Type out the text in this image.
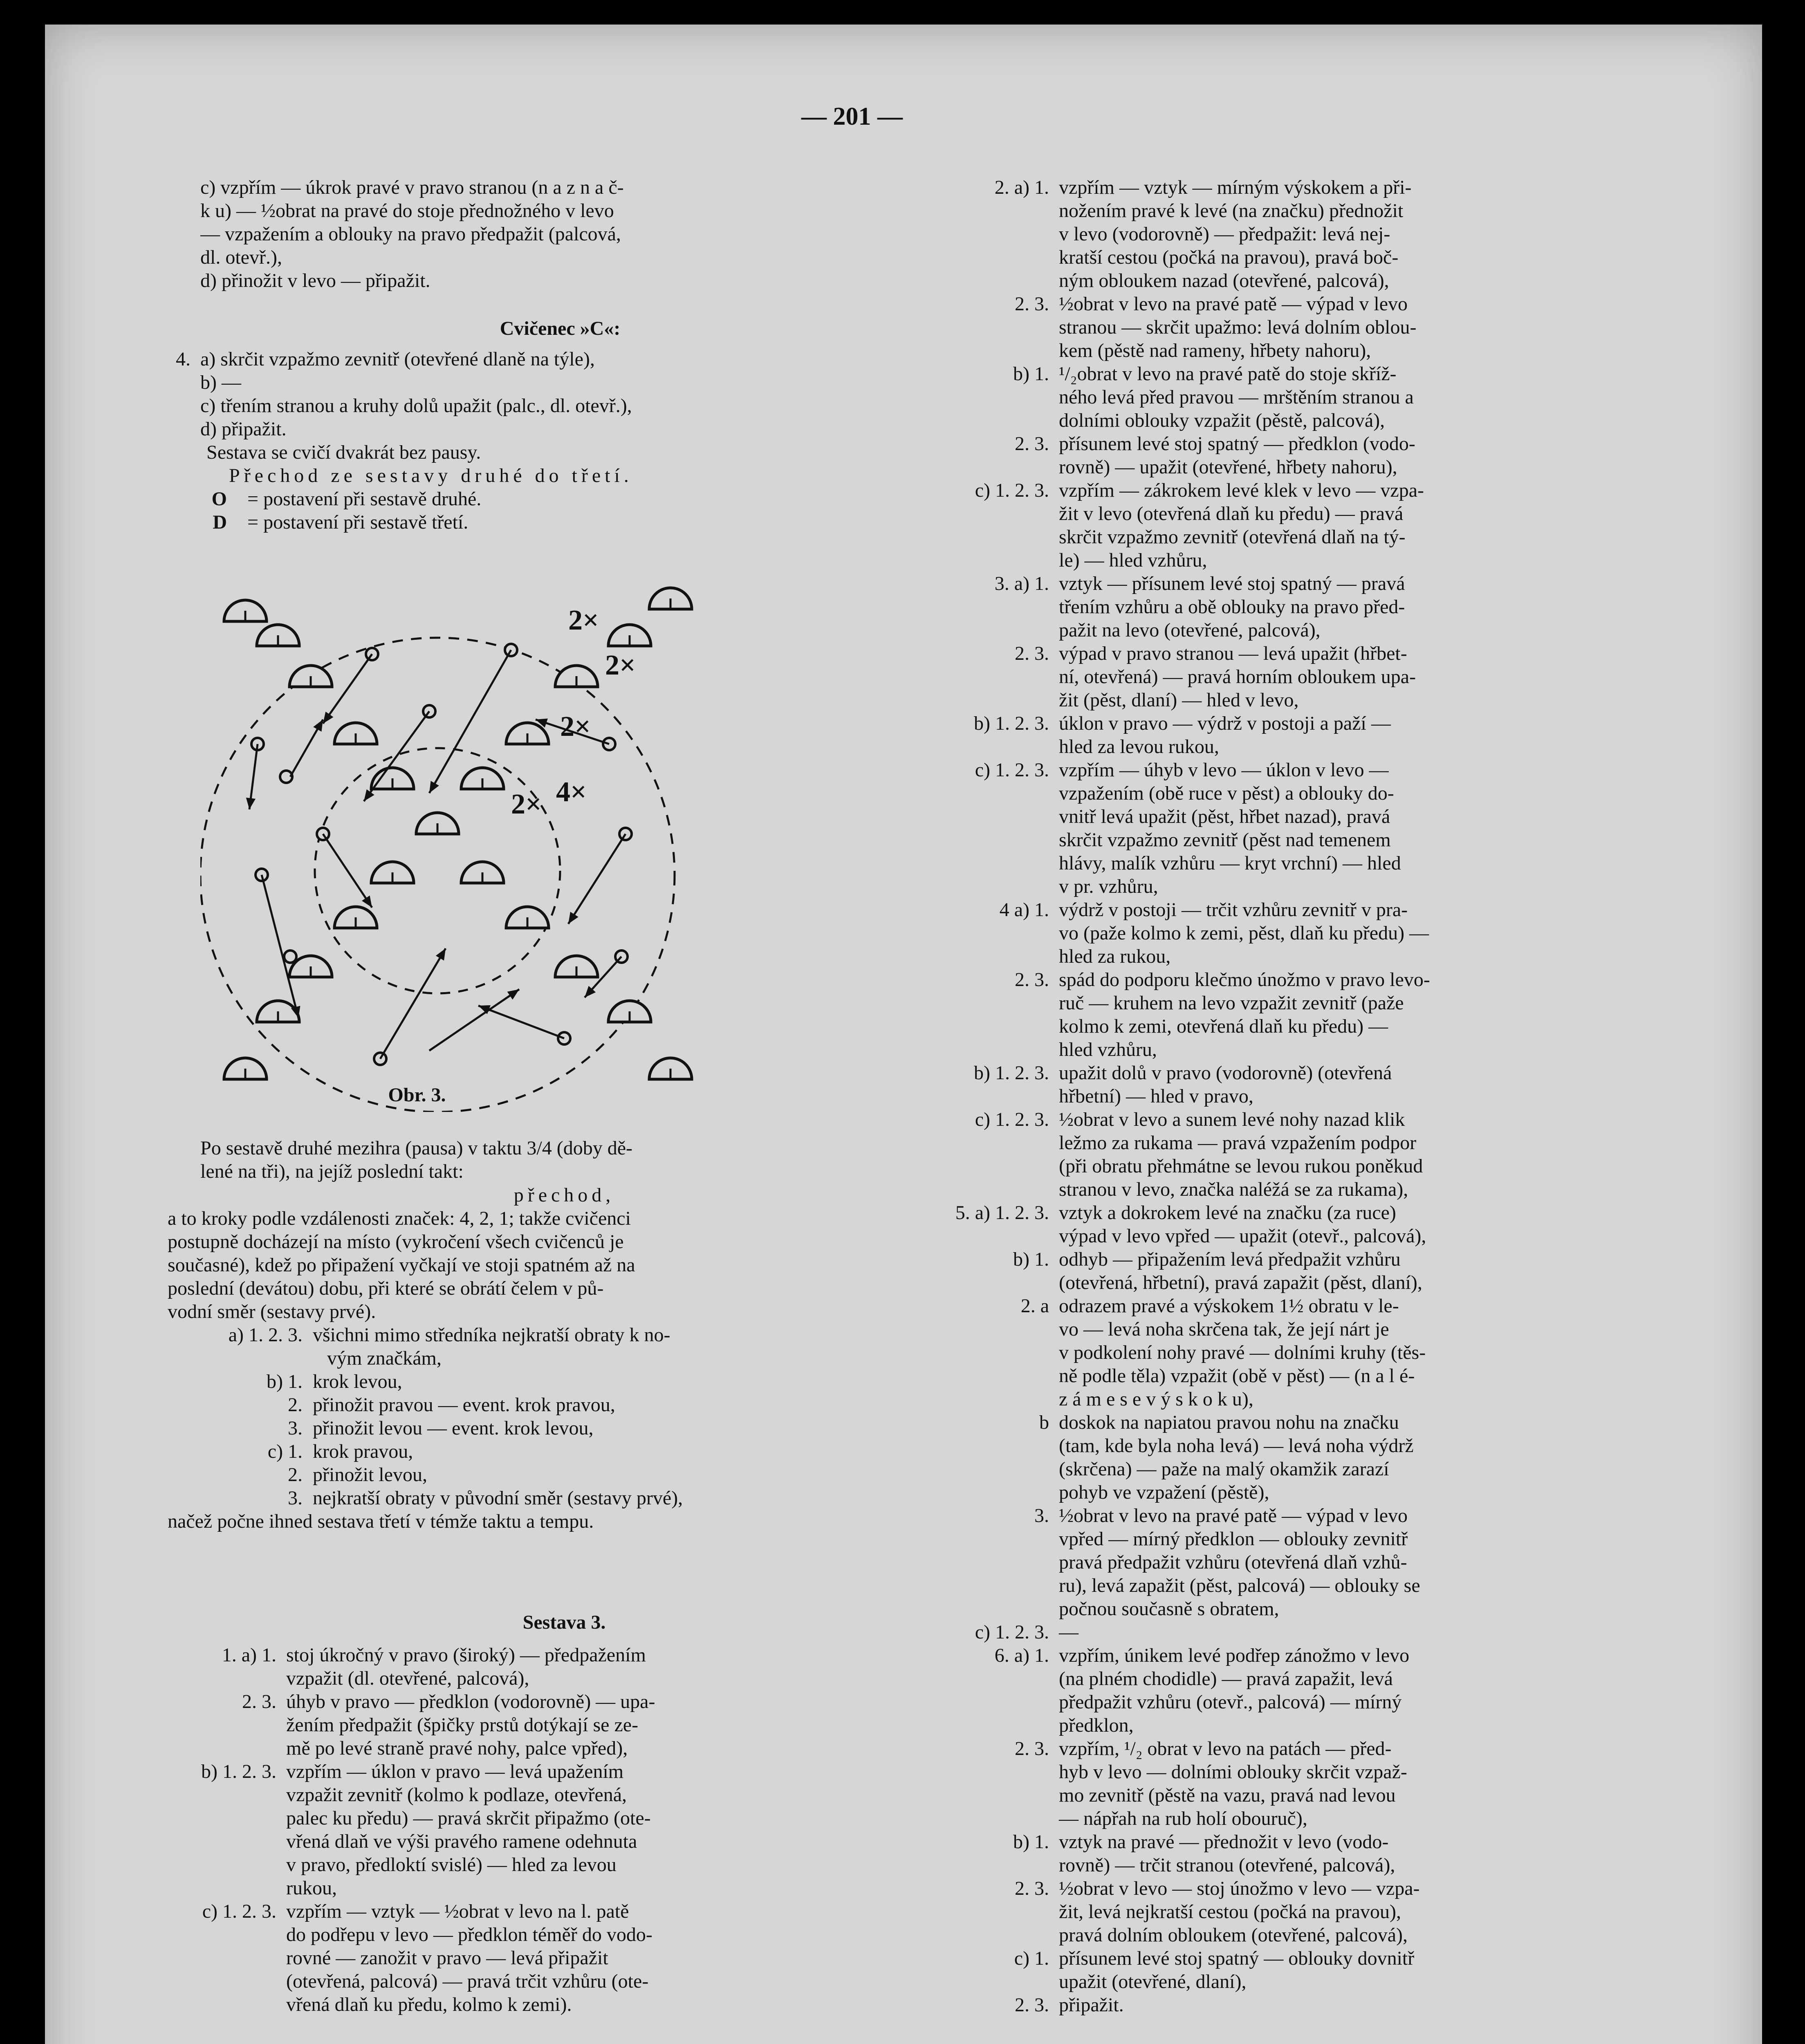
— 201 —
c) vzpřím — úkrok pravé v pravo stranou (n a z n a č-
k u) — ½obrat na pravé do stoje přednožného v levo
— vzpažením a oblouky na pravo předpažit (palcová,
dl. otevř.),
d) přinožit v levo — připažit.
Cvičenec »C«:
4. a) skrčit vzpažmo zevnitř (otevřené dlaně na týle),
b) —
c) třením stranou a kruhy dolů upažit (palc., dl. otevř.),
d) připažit.
Sestava se cvičí dvakrát bez pausy.
Přechod ze sestavy druhé do třetí.
O = postavení při sestavě druhé.
D = postavení při sestavě třetí.
2×
2×
2×
2× 4×
Obr. 3.
Po sestavě druhé mezihra (pausa) v taktu 3/4 (doby dě-
lené na tři), na jejíž poslední takt:
přechod,
a to kroky podle vzdálenosti značek: 4, 2, 1; takže cvičenci
postupně docházejí na místo (vykročení všech cvičenců je
současné), kdež po připažení vyčkají ve stoji spatném až na
poslední (devátou) dobu, při které se obrátí čelem v pů-
vodní směr (sestavy prvé).
a) 1. 2. 3. všichni mimo středníka nejkratší obraty k no-
vým značkám,
b) 1. krok levou,
2. přinožit pravou — event. krok pravou,
3. přinožit levou — event. krok levou,
c) 1. krok pravou,
2. přinožit levou,
3. nejkratší obraty v původní směr (sestavy prvé),
načež počne ihned sestava třetí v témže taktu a tempu.
Sestava 3.
1. a) 1. stoj úkročný v pravo (široký) — předpažením
vzpažit (dl. otevřené, palcová),
2. 3. úhyb v pravo — předklon (vodorovně) — upa-
žením předpažit (špičky prstů dotýkají se ze-
mě po levé straně pravé nohy, palce vpřed),
b) 1. 2. 3. vzpřím — úklon v pravo — levá upažením
vzpažit zevnitř (kolmo k podlaze, otevřená,
palec ku předu) — pravá skrčit připažmo (ote-
vřená dlaň ve výši pravého ramene odehnuta
v pravo, předloktí svislé) — hled za levou
rukou,
c) 1. 2. 3. vzpřím — vztyk — ½obrat v levo na l. patě
do podřepu v levo — předklon téměř do vodo-
rovné — zanožit v pravo — levá připažit
(otevřená, palcová) — pravá trčit vzhůru (ote-
vřená dlaň ku předu, kolmo k zemi).
2. a) 1. vzpřím — vztyk — mírným výskokem a při-
nožením pravé k levé (na značku) přednožit
v levo (vodorovně) — předpažit: levá nej-
kratší cestou (počká na pravou), pravá boč-
ným obloukem nazad (otevřené, palcová),
2. 3. ½obrat v levo na pravé patě — výpad v levo
stranou — skrčit upažmo: levá dolním oblou-
kem (pěstě nad rameny, hřbety nahoru),
b) 1. ¹/₂obrat v levo na pravé patě do stoje skříž-
ného levá před pravou — mrštěním stranou a
dolními oblouky vzpažit (pěstě, palcová),
2. 3. přísunem levé stoj spatný — předklon (vodo-
rovně) — upažit (otevřené, hřbety nahoru),
c) 1. 2. 3. vzpřím — zákrokem levé klek v levo — vzpa-
žit v levo (otevřená dlaň ku předu) — pravá
skrčit vzpažmo zevnitř (otevřená dlaň na tý-
le) — hled vzhůru,
3. a) 1. vztyk — přísunem levé stoj spatný — pravá
třením vzhůru a obě oblouky na pravo před-
pažit na levo (otevřené, palcová),
2. 3. výpad v pravo stranou — levá upažit (hřbet-
ní, otevřená) — pravá horním obloukem upa-
žit (pěst, dlaní) — hled v levo,
b) 1. 2. 3. úklon v pravo — výdrž v postoji a paží —
hled za levou rukou,
c) 1. 2. 3. vzpřím — úhyb v levo — úklon v levo —
vzpažením (obě ruce v pěst) a oblouky do-
vnitř levá upažit (pěst, hřbet nazad), pravá
skrčit vzpažmo zevnitř (pěst nad temenem
hlávy, malík vzhůru — kryt vrchní) — hled
v pr. vzhůru,
4 a) 1. výdrž v postoji — trčit vzhůru zevnitř v pra-
vo (paže kolmo k zemi, pěst, dlaň ku předu) —
hled za rukou,
2. 3. spád do podporu klečmo únožmo v pravo levo-
ruč — kruhem na levo vzpažit zevnitř (paže
kolmo k zemi, otevřená dlaň ku předu) —
hled vzhůru,
b) 1. 2. 3. upažit dolů v pravo (vodorovně) (otevřená
hřbetní) — hled v pravo,
c) 1. 2. 3. ½obrat v levo a sunem levé nohy nazad klik
ležmo za rukama — pravá vzpažením podpor
(při obratu přehmátne se levou rukou poněkud
stranou v levo, značka naléžá se za rukama),
5. a) 1. 2. 3. vztyk a dokrokem levé na značku (za ruce)
výpad v levo vpřed — upažit (otevř., palcová),
b) 1. odhyb — připažením levá předpažit vzhůru
(otevřená, hřbetní), pravá zapažit (pěst, dlaní),
2. a odrazem pravé a výskokem 1½ obratu v le-
vo — levá noha skrčena tak, že její nárt je
v podkolení nohy pravé — dolními kruhy (těs-
ně podle těla) vzpažit (obě v pěst) — (n a l é-
z á m e s e v ý s k o k u),
b doskok na napiatou pravou nohu na značku
(tam, kde byla noha levá) — levá noha výdrž
(skrčena) — paže na malý okamžik zarazí
pohyb ve vzpažení (pěstě),
3. ½obrat v levo na pravé patě — výpad v levo
vpřed — mírný předklon — oblouky zevnitř
pravá předpažit vzhůru (otevřená dlaň vzhů-
ru), levá zapažit (pěst, palcová) — oblouky se
počnou současně s obratem,
c) 1. 2. 3. —
6. a) 1. vzpřím, únikem levé podřep zánožmo v levo
(na plném chodidle) — pravá zapažit, levá
předpažit vzhůru (otevř., palcová) — mírný
předklon,
2. 3. vzpřím, ¹/₂ obrat v levo na patách — před-
hyb v levo — dolními oblouky skrčit vzpaž-
mo zevnitř (pěstě na vazu, pravá nad levou
— nápřah na rub holí obouruč),
b) 1. vztyk na pravé — přednožit v levo (vodo-
rovně) — trčit stranou (otevřené, palcová),
2. 3. ½obrat v levo — stoj únožmo v levo — vzpa-
žit, levá nejkratší cestou (počká na pravou),
pravá dolním obloukem (otevřené, palcová),
c) 1. přísunem levé stoj spatný — oblouky dovnitř
upažit (otevřené, dlaní),
2. 3. připažit.
